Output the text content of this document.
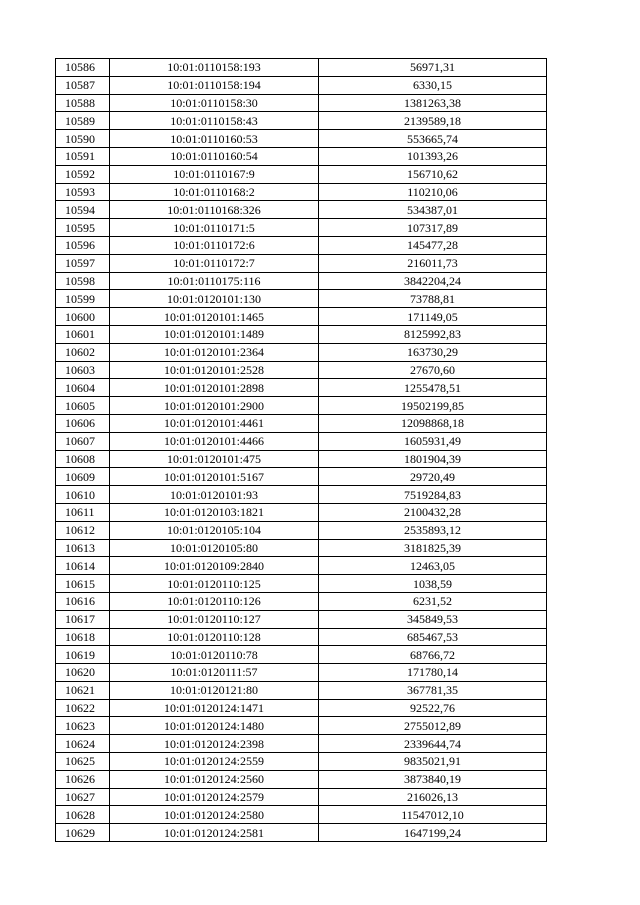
10586	10:01:0110158:193	56971,31
10587	10:01:0110158:194	6330,15
10588	10:01:0110158:30	1381263,38
10589	10:01:0110158:43	2139589,18
10590	10:01:0110160:53	553665,74
10591	10:01:0110160:54	101393,26
10592	10:01:0110167:9	156710,62
10593	10:01:0110168:2	110210,06
10594	10:01:0110168:326	534387,01
10595	10:01:0110171:5	107317,89
10596	10:01:0110172:6	145477,28
10597	10:01:0110172:7	216011,73
10598	10:01:0110175:116	3842204,24
10599	10:01:0120101:130	73788,81
10600	10:01:0120101:1465	171149,05
10601	10:01:0120101:1489	8125992,83
10602	10:01:0120101:2364	163730,29
10603	10:01:0120101:2528	27670,60
10604	10:01:0120101:2898	1255478,51
10605	10:01:0120101:2900	19502199,85
10606	10:01:0120101:4461	12098868,18
10607	10:01:0120101:4466	1605931,49
10608	10:01:0120101:475	1801904,39
10609	10:01:0120101:5167	29720,49
10610	10:01:0120101:93	7519284,83
10611	10:01:0120103:1821	2100432,28
10612	10:01:0120105:104	2535893,12
10613	10:01:0120105:80	3181825,39
10614	10:01:0120109:2840	12463,05
10615	10:01:0120110:125	1038,59
10616	10:01:0120110:126	6231,52
10617	10:01:0120110:127	345849,53
10618	10:01:0120110:128	685467,53
10619	10:01:0120110:78	68766,72
10620	10:01:0120111:57	171780,14
10621	10:01:0120121:80	367781,35
10622	10:01:0120124:1471	92522,76
10623	10:01:0120124:1480	2755012,89
10624	10:01:0120124:2398	2339644,74
10625	10:01:0120124:2559	9835021,91
10626	10:01:0120124:2560	3873840,19
10627	10:01:0120124:2579	216026,13
10628	10:01:0120124:2580	11547012,10
10629	10:01:0120124:2581	1647199,24
